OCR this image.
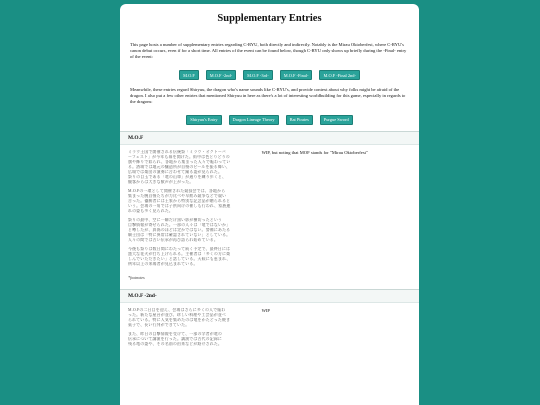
Supplementary Entries
This page hosts a number of supplementary entries regarding C-RYU, both directly and indirectly. Notably is the Mirau Oktoberfest, where C-RYU's canon debut occurs, even if for a short time. All entries of the event can be found below, though C-RYU only shows up briefly during the -Final- entry of the event:
M.O.F	M.O.F -2nd-	M.O.F -3rd-	M.O.F -Final-	M.O.F -Final 2nd-
Meanwhile, these entries regard Shiryuu, the dragon who's name sounds like C-RYU's, and provide context about why folks might be afraid of the dragon. I also put a few other entries that mentioned Shiryuu in here as there's a lot of interesting worldbuilding for this game, especially in regards to the dragons:
Shiryuu's Entry	Dragon Lineage Theory	Bat Pirates	Purgue Sword
M.O.F
ミラウ王国で開催される伝統祭「ミラウ・オクトーバ
ーフェスト」が今年も幕を開けた。街中は色とりどりの
旗や飾りで彩られ、各地から集まった人々で賑わってい
る。酒場では地元の醸造所が自慢のビールを振る舞い、
広場では楽団の演奏に合わせて踊る姿が見られた。
祭りの目玉である「竜の山車」が通りを練り歩くと、
観客からは大きな歓声が上がった。
M.O.Fの一環として開催された競技会では、各地から
集まった腕自慢たちが力比べや早飲み競争などで競い
合った。優勝者には王家から特別な記念品が贈られると
いう。会場の一角では子供向けの催しも行われ、家族連
れの姿も多く見られた。
祭りの最中、空に一瞬だけ黒い影が横切ったという
目撃情報が寄せられた。一部の人々は「竜ではないか」
と噂したが、真偽のほどは定かではない。警備にあたる
騎士団は「特に異常は確認されていない」としている。
人々の間では古い伝承が再び語られ始めている。
今後も祭りは数日間にわたって続く予定で、最終日には
盛大な花火が打ち上げられる。主催者は「多くの方に楽
しんでいただきたい」と話している。天候にも恵まれ、
例年以上の来場者が見込まれている。
WIP, but noting that MOF stands for "Mirau Oktoberfest"
*footnotes
M.O.F -2nd-
M.O.Fの二日目を迎え、会場はさらに多くの人で賑わ
った。新たな屋台が並び、珍しい料理や工芸品が並べ
られている。特に人気を集めたのは竜をかたどった焼き
菓子で、長い行列ができていた。
また、昨日の目撃情報を受けて、一部の学者が竜の
伝承について講演を行った。講演では古代の記録に
残る竜の姿や、その名前の由来などが紹介された。
WIP
